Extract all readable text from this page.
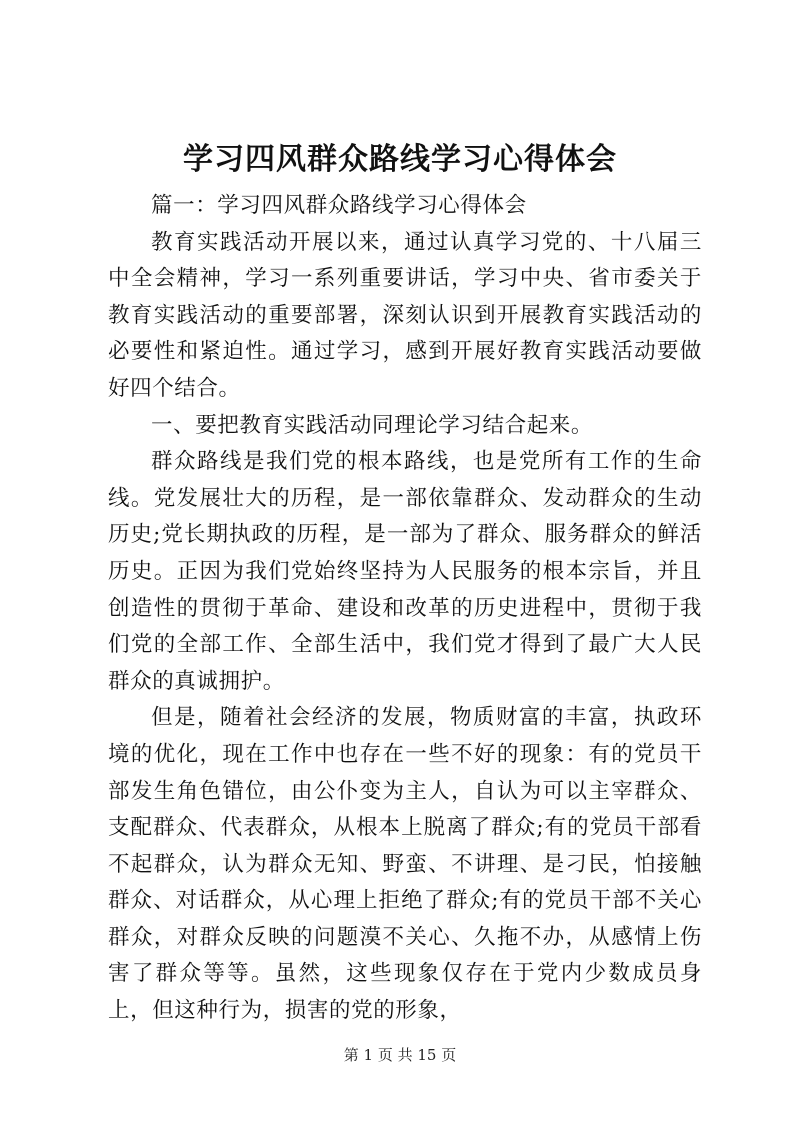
学习四风群众路线学习心得体会

篇一：学习四风群众路线学习心得体会

教育实践活动开展以来，通过认真学习党的、十八届三中全会精神，学习一系列重要讲话，学习中央、省市委关于教育实践活动的重要部署，深刻认识到开展教育实践活动的必要性和紧迫性。通过学习，感到开展好教育实践活动要做好四个结合。

一、要把教育实践活动同理论学习结合起来。

群众路线是我们党的根本路线，也是党所有工作的生命线。党发展壮大的历程，是一部依靠群众、发动群众的生动历史;党长期执政的历程，是一部为了群众、服务群众的鲜活历史。正因为我们党始终坚持为人民服务的根本宗旨，并且创造性的贯彻于革命、建设和改革的历史进程中，贯彻于我们党的全部工作、全部生活中，我们党才得到了最广大人民群众的真诚拥护。

但是，随着社会经济的发展，物质财富的丰富，执政环境的优化，现在工作中也存在一些不好的现象：有的党员干部发生角色错位，由公仆变为主人，自认为可以主宰群众、支配群众、代表群众，从根本上脱离了群众;有的党员干部看不起群众，认为群众无知、野蛮、不讲理、是刁民，怕接触群众、对话群众，从心理上拒绝了群众;有的党员干部不关心群众，对群众反映的问题漠不关心、久拖不办，从感情上伤害了群众等等。虽然，这些现象仅存在于党内少数成员身上，但这种行为，损害的党的形象，

第 1 页 共 15 页
